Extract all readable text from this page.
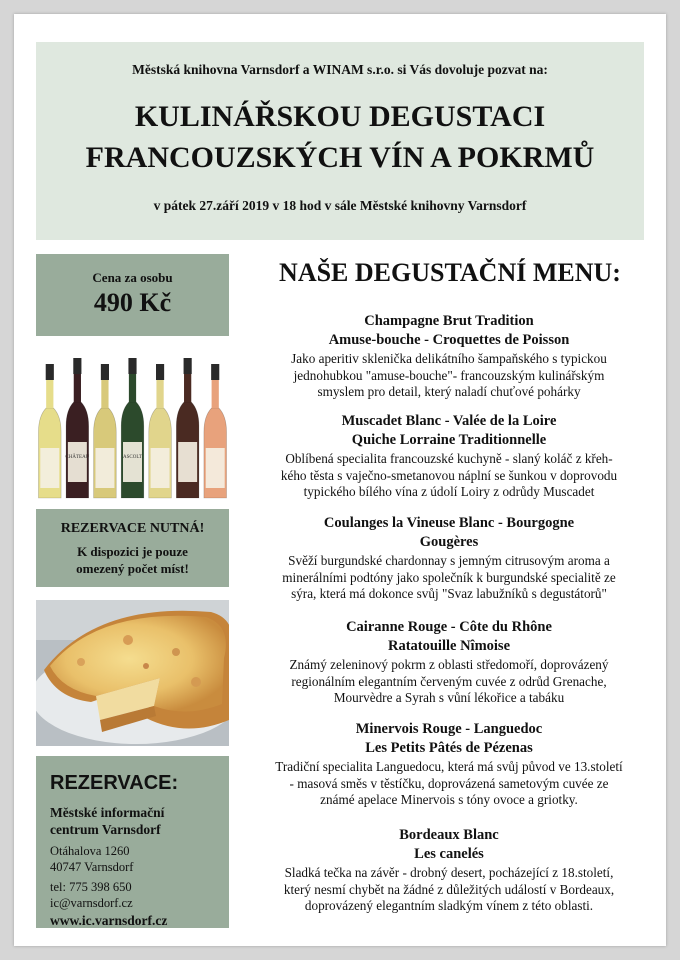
Městská knihovna Varnsdorf a WINAM s.r.o. si Vás dovoluje pozvat na:
KULINÁŘSKOU DEGUSTACI
FRANCOUZSKÝCH VÍN A POKRMŮ
v pátek 27.září 2019 v 18 hod v sále Městské knihovny Varnsdorf
Cena za osobu
490 Kč
CHÂTEAU	ASCOLT
REZERVACE NUTNÁ!
K dispozici je pouze
omezený počet míst!
REZERVACE:
Městské informační
centrum Varnsdorf
Otáhalova 1260
40747 Varnsdorf
tel: 775 398 650
ic@varnsdorf.cz
www.ic.varnsdorf.cz
NAŠE DEGUSTAČNÍ MENU:
Champagne Brut Tradition
Amuse-bouche - Croquettes de Poisson
Jako aperitiv sklenička delikátního šampaňského s typickou
jednohubkou "amuse-bouche"- francouzským kulinářským
smyslem pro detail, který naladí chuťové pohárky
Muscadet Blanc - Valée de la Loire
Quiche Lorraine Traditionnelle
Oblíbená specialita francouzské kuchyně - slaný koláč z křeh-
kého těsta s vaječno-smetanovou náplní se šunkou v doprovodu
typického bílého vína z údolí Loiry z odrůdy Muscadet
Coulanges la Vineuse Blanc - Bourgogne
Gougères
Svěží burgundské chardonnay s jemným citrusovým aroma a
minerálními podtóny jako společník k burgundské specialitě ze
sýra, která má dokonce svůj "Svaz labužníků s degustátorů"
Cairanne Rouge - Côte du Rhône
Ratatouille Nîmoise
Známý zeleninový pokrm z oblasti středomoří, doprovázený
regionálním elegantním červeným cuvée z odrůd Grenache,
Mourvèdre a Syrah s vůní lékořice a tabáku
Minervois Rouge - Languedoc
Les Petits Pâtés de Pézenas
Tradiční specialita Languedocu, která má svůj původ ve 13.století
- masová směs v těstíčku, doprovázená sametovým cuvée ze
známé apelace Minervois s tóny ovoce a griotky.
Bordeaux Blanc
Les canelés
Sladká tečka na závěr - drobný desert, pocházející z 18.století,
který nesmí chybět na žádné z důležitých událostí v Bordeaux,
doprovázený elegantním sladkým vínem z této oblasti.
